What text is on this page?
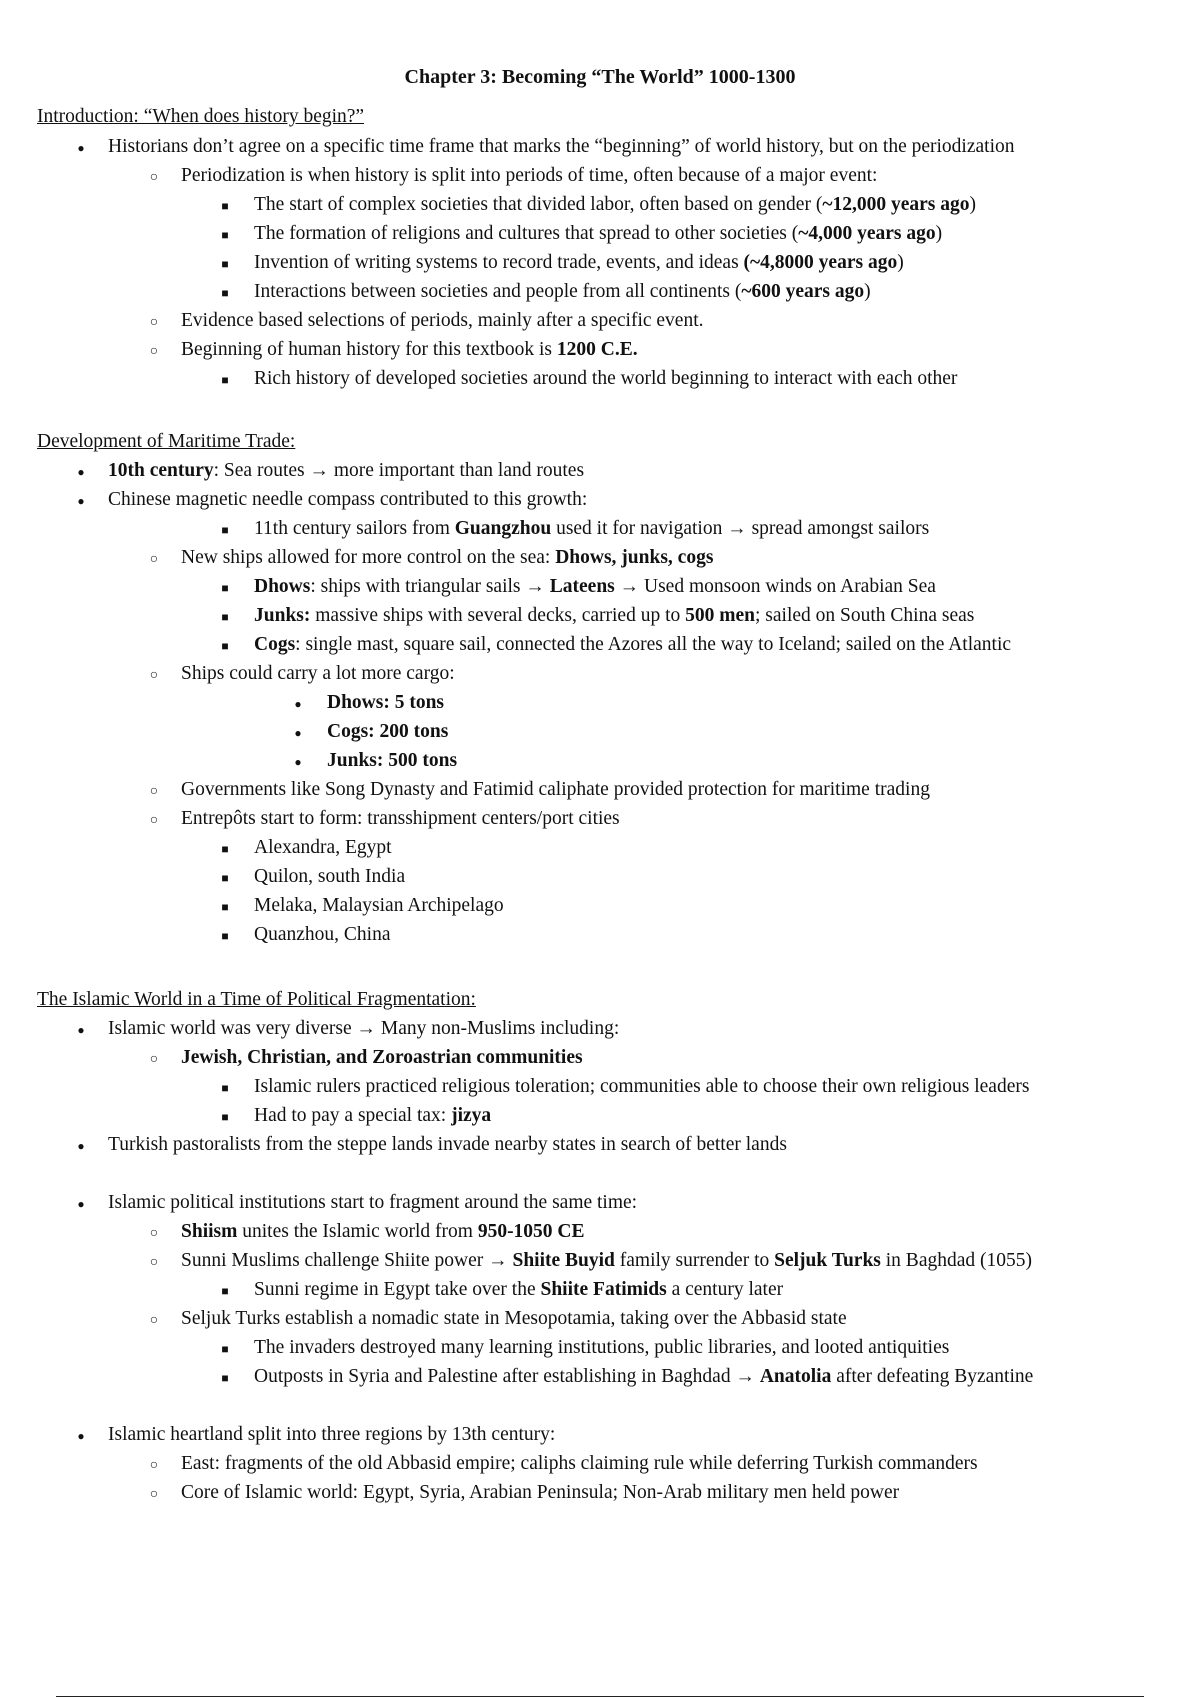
Chapter 3: Becoming “The World” 1000-1300
Introduction: “When does history begin?”
●
Historians don’t agree on a specific time frame that marks the “beginning” of world history, but on the periodization
○
Periodization is when history is split into periods of time, often because of a major event:
■
The start of complex societies that divided labor, often based on gender (~12,000 years ago)
■
The formation of religions and cultures that spread to other societies (~4,000 years ago)
■
Invention of writing systems to record trade, events, and ideas (~4,8000 years ago)
■
Interactions between societies and people from all continents (~600 years ago)
○
Evidence based selections of periods, mainly after a specific event.
○
Beginning of human history for this textbook is 1200 C.E.
■
Rich history of developed societies around the world beginning to interact with each other
Development of Maritime Trade:
●
10th century: Sea routes → more important than land routes
●
Chinese magnetic needle compass contributed to this growth:
■
11th century sailors from Guangzhou used it for navigation → spread amongst sailors
○
New ships allowed for more control on the sea: Dhows, junks, cogs
■
Dhows: ships with triangular sails → Lateens → Used monsoon winds on Arabian Sea
■
Junks: massive ships with several decks, carried up to 500 men; sailed on South China seas
■
Cogs: single mast, square sail, connected the Azores all the way to Iceland; sailed on the Atlantic
○
Ships could carry a lot more cargo:
●
Dhows: 5 tons
●
Cogs: 200 tons
●
Junks: 500 tons
○
Governments like Song Dynasty and Fatimid caliphate provided protection for maritime trading
○
Entrepôts start to form: transshipment centers/port cities
■
Alexandra, Egypt
■
Quilon, south India
■
Melaka, Malaysian Archipelago
■
Quanzhou, China
The Islamic World in a Time of Political Fragmentation:
●
Islamic world was very diverse → Many non-Muslims including:
○
Jewish, Christian, and Zoroastrian communities
■
Islamic rulers practiced religious toleration; communities able to choose their own religious leaders
■
Had to pay a special tax: jizya
●
Turkish pastoralists from the steppe lands invade nearby states in search of better lands
●
Islamic political institutions start to fragment around the same time:
○
Shiism unites the Islamic world from 950-1050 CE
○
Sunni Muslims challenge Shiite power → Shiite Buyid family surrender to Seljuk Turks in Baghdad (1055)
■
Sunni regime in Egypt take over the Shiite Fatimids a century later
○
Seljuk Turks establish a nomadic state in Mesopotamia, taking over the Abbasid state
■
The invaders destroyed many learning institutions, public libraries, and looted antiquities
■
Outposts in Syria and Palestine after establishing in Baghdad → Anatolia after defeating Byzantine
●
Islamic heartland split into three regions by 13th century:
○
East: fragments of the old Abbasid empire; caliphs claiming rule while deferring Turkish commanders
○
Core of Islamic world: Egypt, Syria, Arabian Peninsula; Non-Arab military men held power
